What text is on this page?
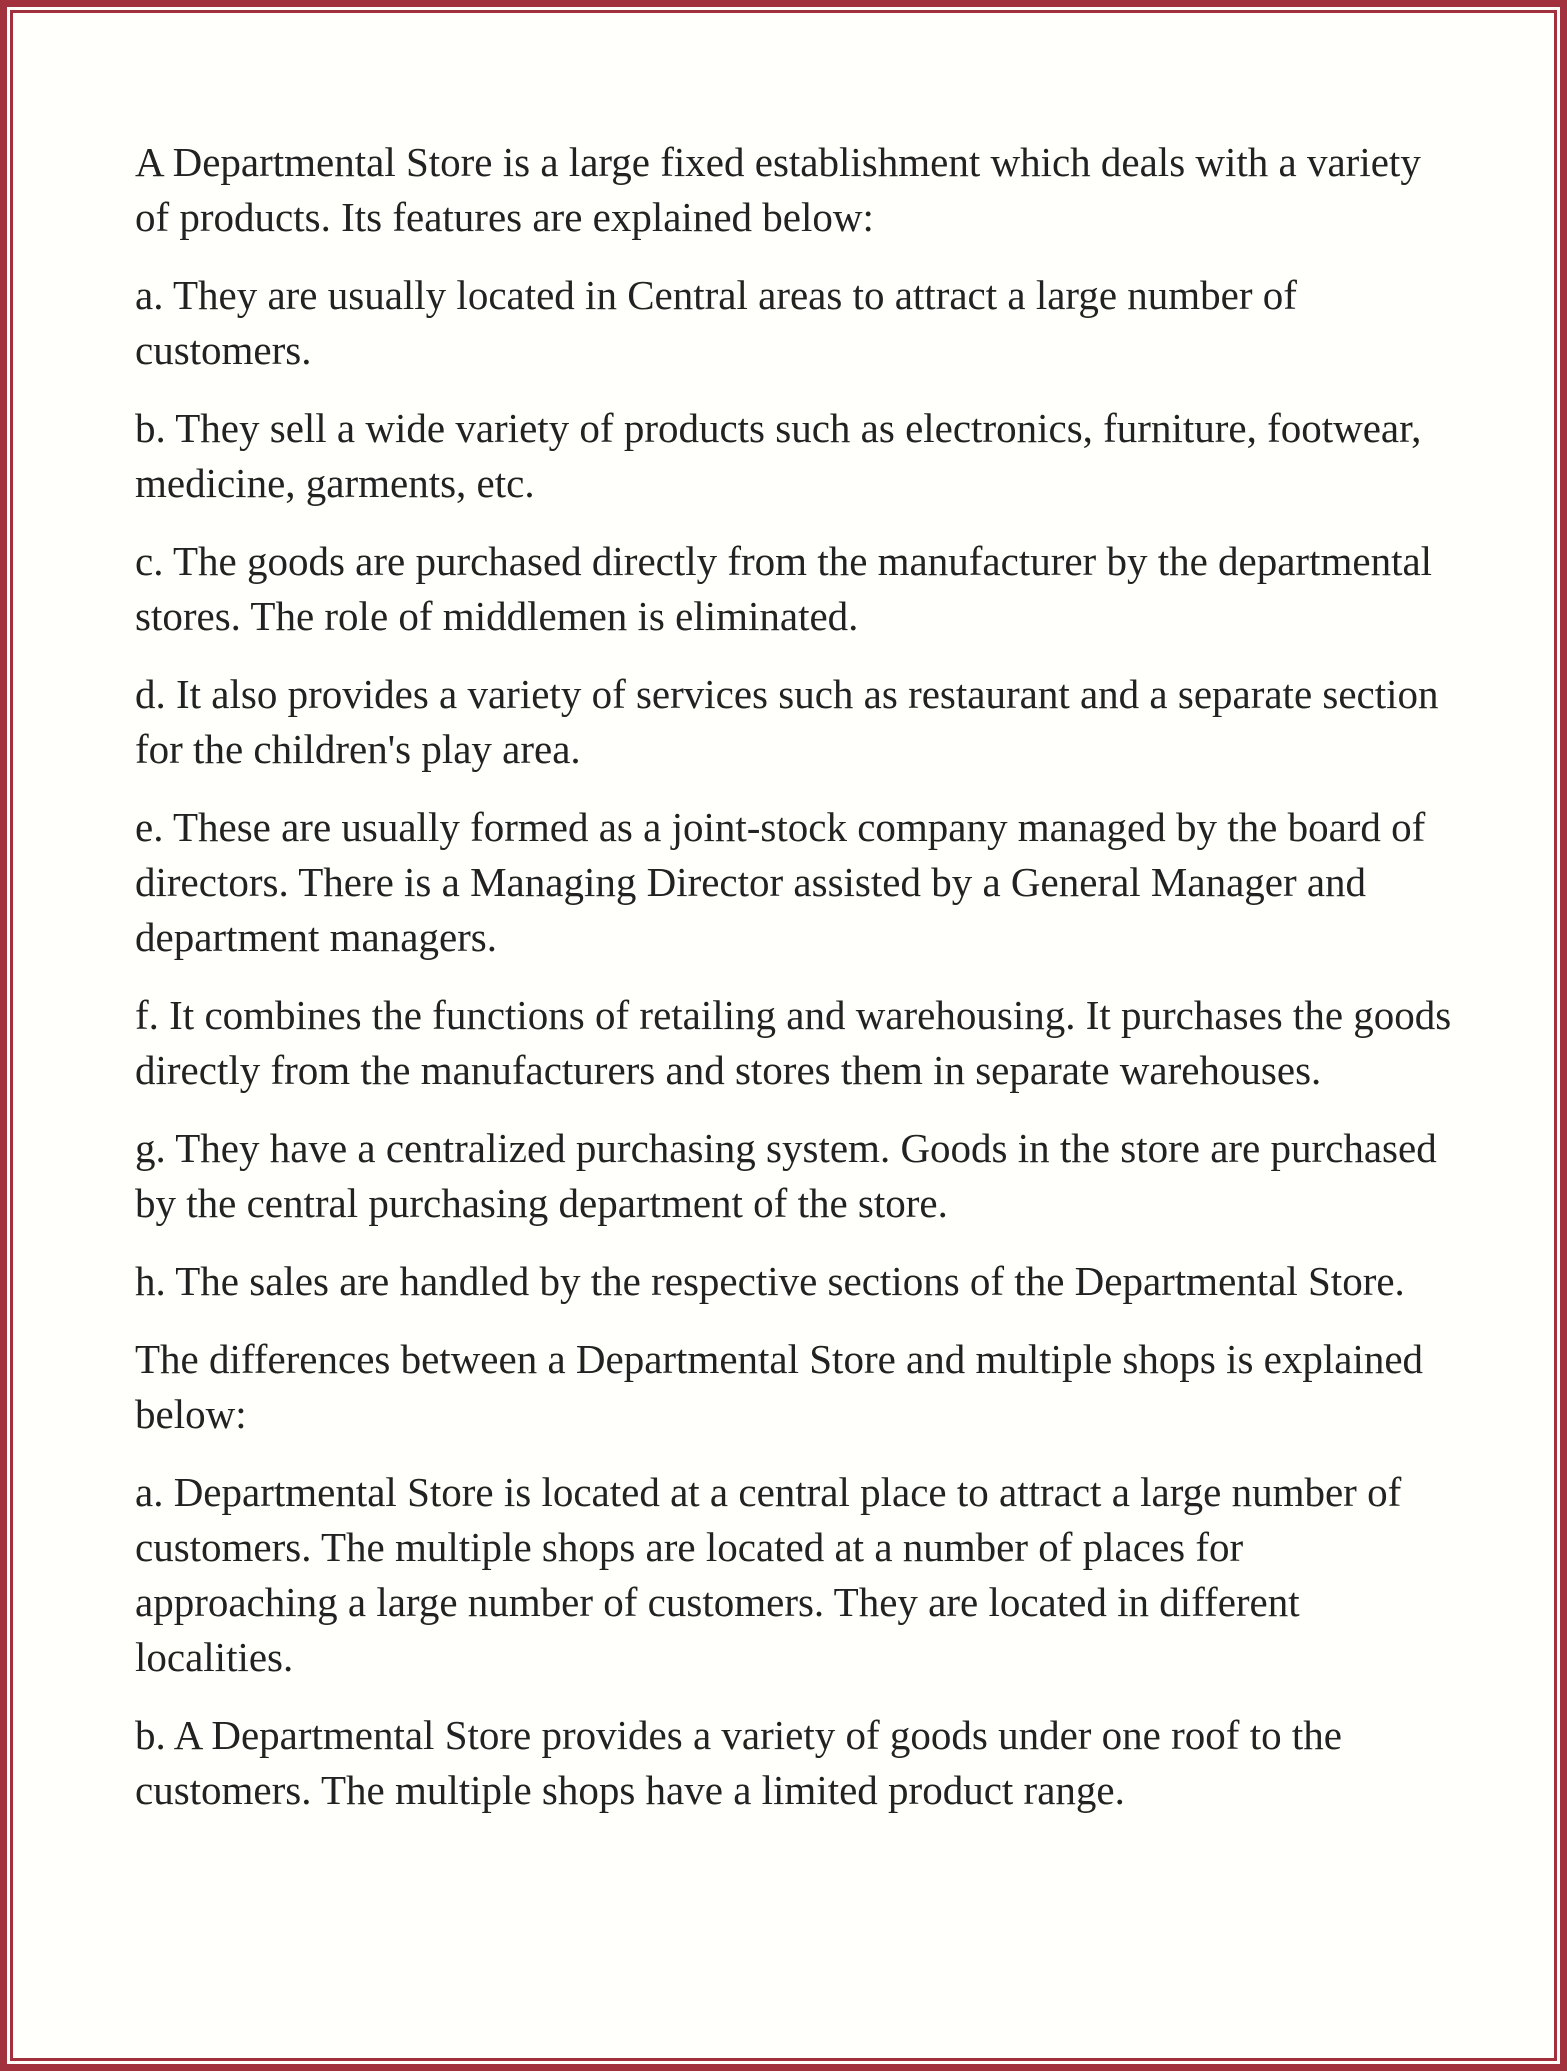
A Departmental Store is a large fixed establishment which deals with a variety of products. Its features are explained below:

a. They are usually located in Central areas to attract a large number of customers.

b. They sell a wide variety of products such as electronics, furniture, footwear, medicine, garments, etc.

c. The goods are purchased directly from the manufacturer by the departmental stores. The role of middlemen is eliminated.

d. It also provides a variety of services such as restaurant and a separate section for the children's play area.

e. These are usually formed as a joint-stock company managed by the board of directors. There is a Managing Director assisted by a General Manager and department managers.

f. It combines the functions of retailing and warehousing. It purchases the goods directly from the manufacturers and stores them in separate warehouses.

g. They have a centralized purchasing system. Goods in the store are purchased by the central purchasing department of the store.

h. The sales are handled by the respective sections of the Departmental Store.

The differences between a Departmental Store and multiple shops is explained below:

a. Departmental Store is located at a central place to attract a large number of customers. The multiple shops are located at a number of places for approaching a large number of customers. They are located in different localities.

b. A Departmental Store provides a variety of goods under one roof to the customers. The multiple shops have a limited product range.
